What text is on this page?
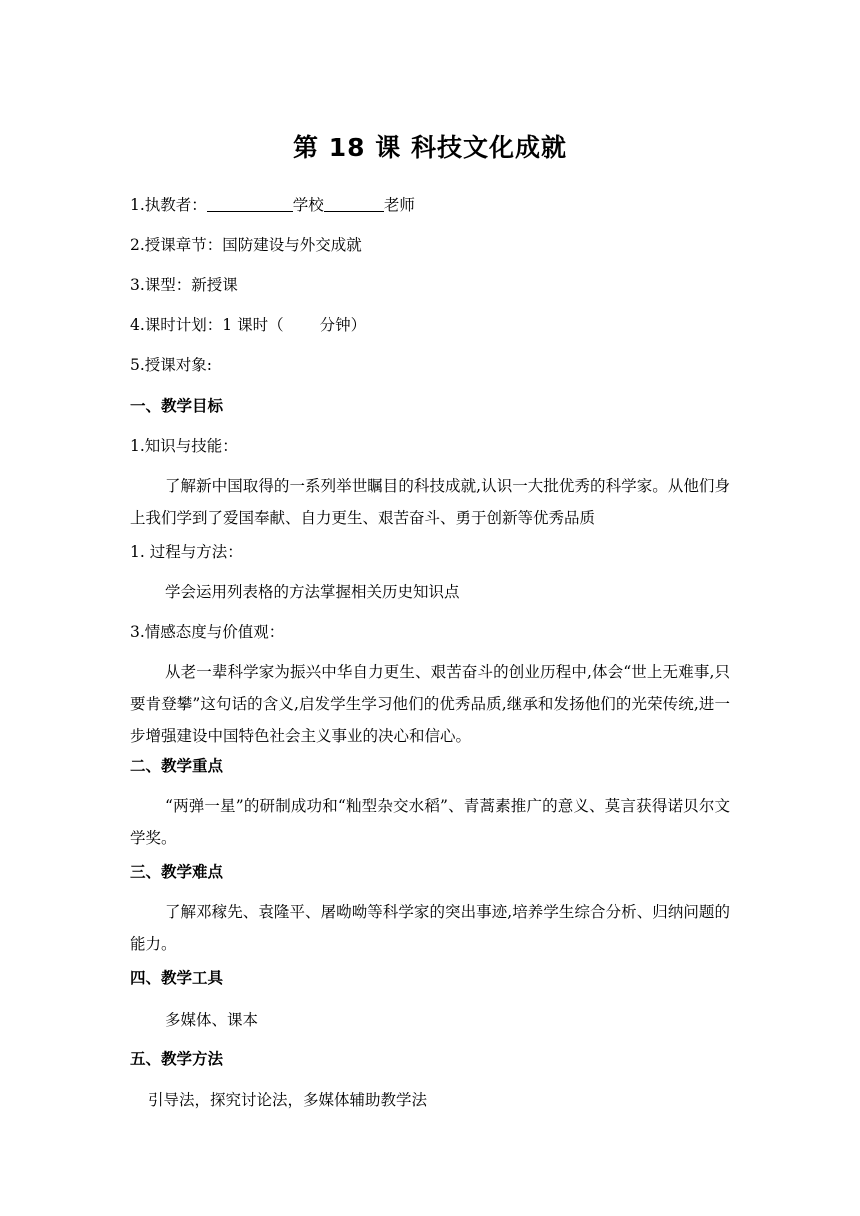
第 18 课 科技文化成就
1.执教者：	学校	老师
2.授课章节：国防建设与外交成就
3.课型：新授课
4.课时计划：1 课时（ 分钟）
5.授课对象:
一、教学目标
1.知识与技能：
了解新中国取得的一系列举世瞩目的科技成就,认识一大批优秀的科学家。从他们身上我们学到了爱国奉献、自力更生、艰苦奋斗、勇于创新等优秀品质
1. 过程与方法：
学会运用列表格的方法掌握相关历史知识点
3.情感态度与价值观：
从老一辈科学家为振兴中华自力更生、艰苦奋斗的创业历程中,体会“世上无难事,只要肯登攀”这句话的含义,启发学生学习他们的优秀品质,继承和发扬他们的光荣传统,进一步增强建设中国特色社会主义事业的决心和信心。
二、教学重点
“两弹一星”的研制成功和“籼型杂交水稻”、青蒿素推广的意义、莫言获得诺贝尔文学奖。
三、教学难点
了解邓稼先、袁隆平、屠呦呦等科学家的突出事迹,培养学生综合分析、归纳问题的能力。
四、教学工具
多媒体、课本
五、教学方法
引导法，探究讨论法，多媒体辅助教学法
